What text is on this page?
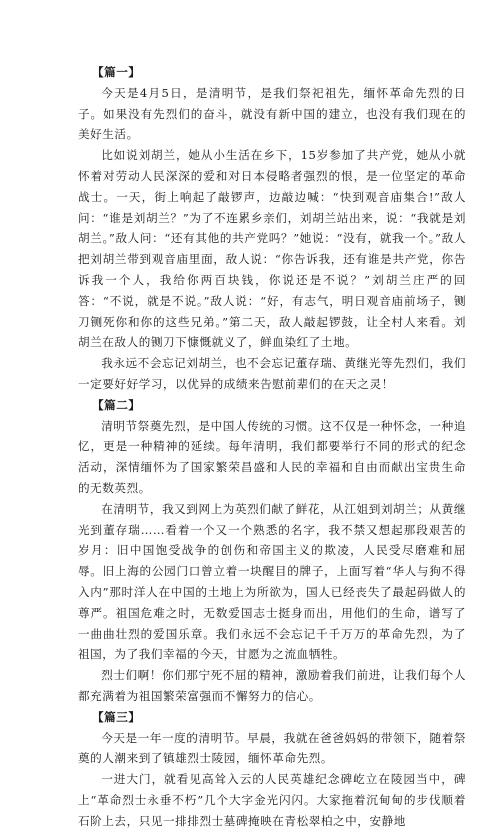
【篇一】

今天是4月5日，是清明节，是我们祭祀祖先，缅怀革命先烈的日子。如果没有先烈们的奋斗，就没有新中国的建立，也没有我们现在的美好生活。

比如说刘胡兰，她从小生活在乡下，15岁参加了共产党，她从小就怀着对劳动人民深深的爱和对日本侵略者强烈的恨，是一位坚定的革命战士。一天，街上响起了敲锣声，边敲边喊：“快到观音庙集合!”敌人问：“谁是刘胡兰？”为了不连累乡亲们，刘胡兰站出来，说：“我就是刘胡兰。”敌人问：“还有其他的共产党吗？”她说：“没有，就我一个。”敌人把刘胡兰带到观音庙里面，敌人说：“你告诉我，还有谁是共产党，你告诉我一个人，我给你两百块钱，你说还是不说？”刘胡兰庄严的回答：“不说，就是不说。”敌人说：“好，有志气，明日观音庙前场子，铡刀铡死你和你的这些兄弟。”第二天，敌人敲起锣鼓，让全村人来看。刘胡兰在敌人的铡刀下慷慨就义了，鲜血染红了土地。

我永远不会忘记刘胡兰，也不会忘记董存瑞、黄继光等先烈们，我们一定要好好学习，以优异的成绩来告慰前辈们的在天之灵！

【篇二】

清明节祭奠先烈，是中国人传统的习惯。这不仅是一种怀念，一种追忆，更是一种精神的延续。每年清明，我们都要举行不同的形式的纪念活动，深情缅怀为了国家繁荣昌盛和人民的幸福和自由而献出宝贵生命的无数英烈。

在清明节，我又到网上为英烈们献了鲜花，从江姐到刘胡兰；从黄继光到董存瑞……看着一个又一个熟悉的名字，我不禁又想起那段艰苦的岁月：旧中国饱受战争的创伤和帝国主义的欺凌，人民受尽磨难和屈辱。旧上海的公园门口曾立着一块醒目的牌子，上面写着“华人与狗不得入内”那时洋人在中国的土地上为所欲为，国人已经丧失了最起码做人的尊严。祖国危难之时，无数爱国志士挺身而出，用他们的生命，谱写了一曲曲壮烈的爱国乐章。我们永远不会忘记千千万万的革命先烈，为了祖国，为了我们幸福的今天，甘愿为之流血牺牲。

烈士们啊！你们那宁死不屈的精神，激励着我们前进，让我们每个人都充满着为祖国繁荣富强而不懈努力的信心。

【篇三】

今天是一年一度的清明节。早晨，我就在爸爸妈妈的带领下，随着祭奠的人潮来到了镇雄烈士陵园，缅怀革命先烈。

一进大门，就看见高耸入云的人民英雄纪念碑屹立在陵园当中，碑上“革命烈士永垂不朽”几个大字金光闪闪。大家拖着沉甸甸的步伐顺着石阶上去，只见一排排烈士墓碑掩映在青松翠柏之中，安静地
